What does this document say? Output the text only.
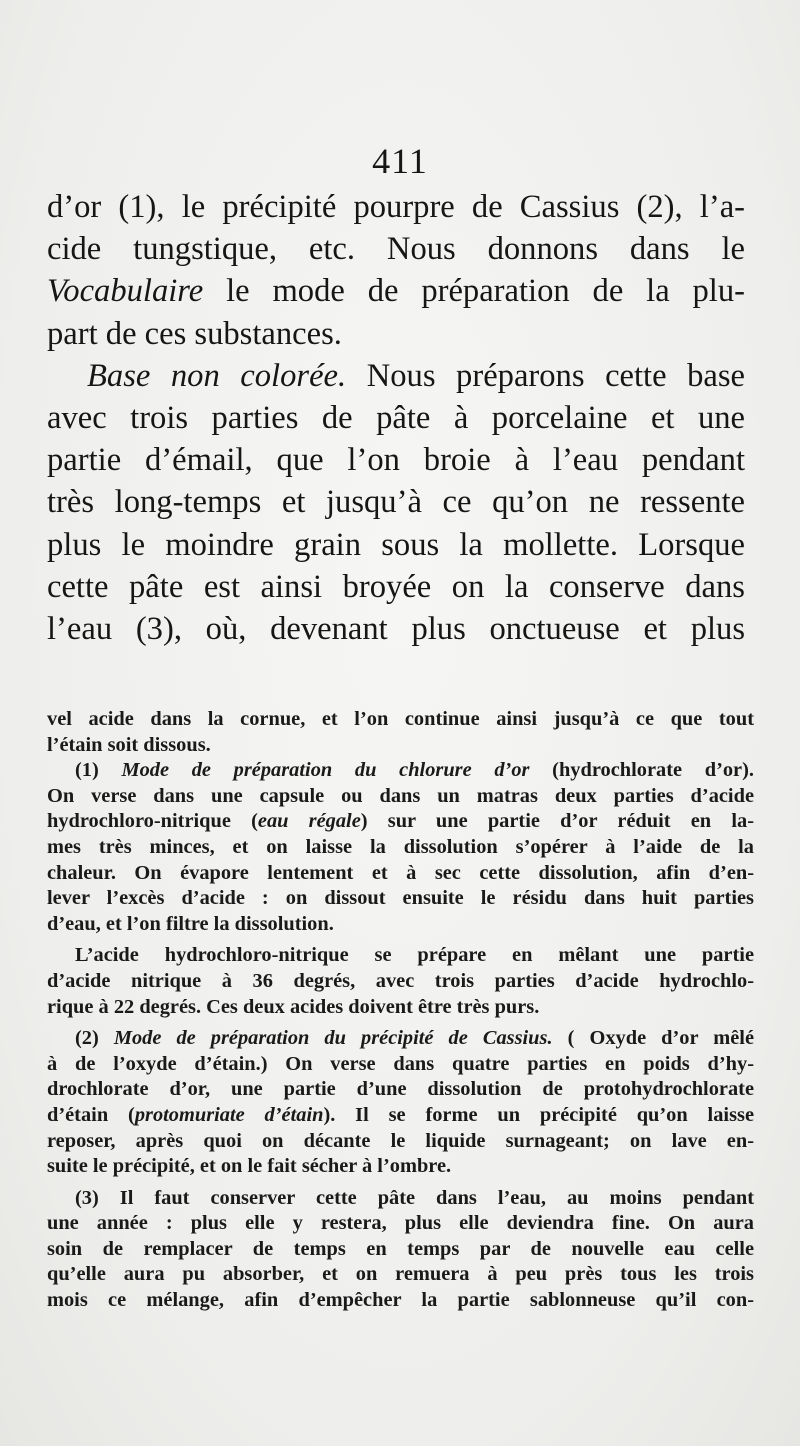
411
d’or (1), le précipité pourpre de Cassius (2), l’a-
cide tungstique, etc. Nous donnons dans le
Vocabulaire le mode de préparation de la plu-
part de ces substances.
Base non colorée. Nous préparons cette base
avec trois parties de pâte à porcelaine et une
partie d’émail, que l’on broie à l’eau pendant
très long-temps et jusqu’à ce qu’on ne ressente
plus le moindre grain sous la mollette. Lorsque
cette pâte est ainsi broyée on la conserve dans
l’eau (3), où, devenant plus onctueuse et plus
vel acide dans la cornue, et l’on continue ainsi jusqu’à ce que tout
l’étain soit dissous.
(1) Mode de préparation du chlorure d’or (hydrochlorate d’or).
On verse dans une capsule ou dans un matras deux parties d’acide
hydrochloro-nitrique (eau régale) sur une partie d’or réduit en la-
mes très minces, et on laisse la dissolution s’opérer à l’aide de la
chaleur. On évapore lentement et à sec cette dissolution, afin d’en-
lever l’excès d’acide : on dissout ensuite le résidu dans huit parties
d’eau, et l’on filtre la dissolution.
L’acide hydrochloro-nitrique se prépare en mêlant une partie
d’acide nitrique à 36 degrés, avec trois parties d’acide hydrochlo-
rique à 22 degrés. Ces deux acides doivent être très purs.
(2) Mode de préparation du précipité de Cassius. ( Oxyde d’or mêlé
à de l’oxyde d’étain.) On verse dans quatre parties en poids d’hy-
drochlorate d’or, une partie d’une dissolution de protohydrochlorate
d’étain (protomuriate d’étain). Il se forme un précipité qu’on laisse
reposer, après quoi on décante le liquide surnageant; on lave en-
suite le précipité, et on le fait sécher à l’ombre.
(3) Il faut conserver cette pâte dans l’eau, au moins pendant
une année : plus elle y restera, plus elle deviendra fine. On aura
soin de remplacer de temps en temps par de nouvelle eau celle
qu’elle aura pu absorber, et on remuera à peu près tous les trois
mois ce mélange, afin d’empêcher la partie sablonneuse qu’il con-
